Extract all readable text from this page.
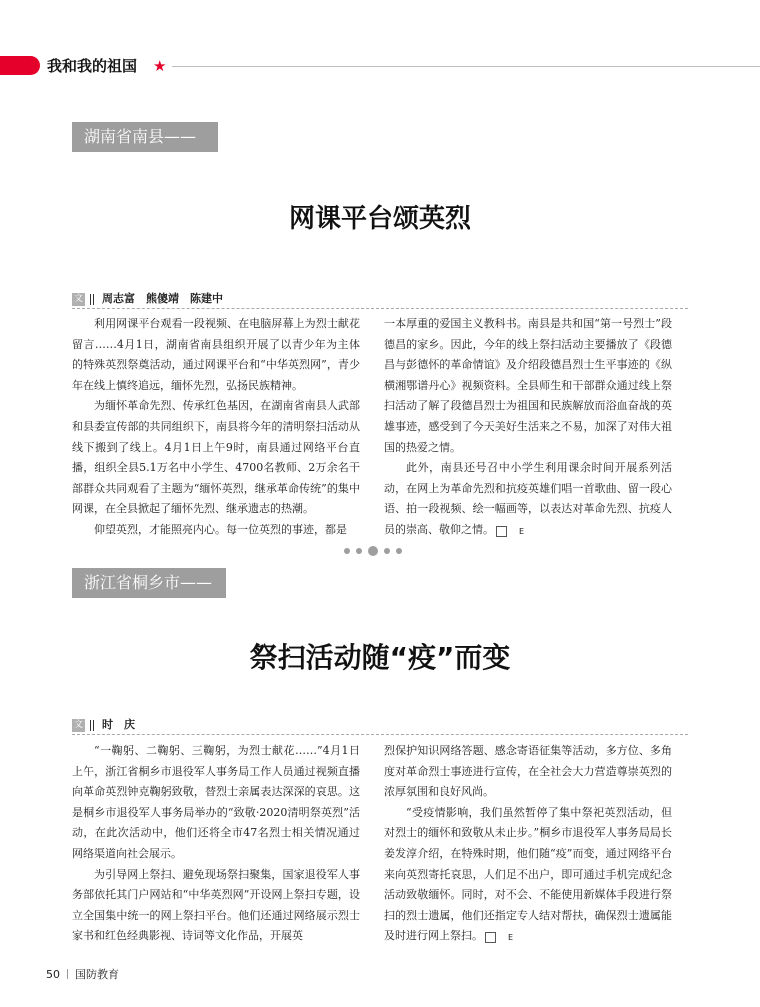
我和我的祖国 ★
湖南省南县——
网课平台颂英烈
文 周志富　熊傻靖　陈建中

利用网课平台观看一段视频、在电脑屏幕上为烈士献花留言……4月1日，湖南省南县组织开展了以青少年为主体的特殊英烈祭奠活动，通过网课平台和“中华英烈网”，青少年在线上慎终追远，缅怀先烈，弘扬民族精神。

为缅怀革命先烈、传承红色基因，在湖南省南县人武部和县委宣传部的共同组织下，南县将今年的清明祭扫活动从线下搬到了线上。4月1日上午9时，南县通过网络平台直播，组织全县5.1万名中小学生、4700名教师、2万余名干部群众共同观看了主题为“缅怀英烈，继承革命传统”的集中网课，在全县掀起了缅怀先烈、继承遗志的热潮。

仰望英烈，才能照亮内心。每一位英烈的事迹，都是

一本厚重的爱国主义教科书。南县是共和国“第一号烈士”段德昌的家乡。因此，今年的线上祭扫活动主要播放了《段德昌与彭德怀的革命情谊》及介绍段德昌烈士生平事迹的《纵横湘鄂谱丹心》视频资料。全县师生和干部群众通过线上祭扫活动了解了段德昌烈士为祖国和民族解放而浴血奋战的英雄事迹，感受到了今天美好生活来之不易，加深了对伟大祖国的热爱之情。

此外，南县还号召中小学生利用课余时间开展系列活动，在网上为革命先烈和抗疫英雄们唱一首歌曲、留一段心语、拍一段视频、绘一幅画等，以表达对革命先烈、抗疫人员的崇高、敬仰之情。	E

浙江省桐乡市——
祭扫活动随“疫”而变
文 时　庆

“一鞠躬、二鞠躬、三鞠躬，为烈士献花……”4月1日上午，浙江省桐乡市退役军人事务局工作人员通过视频直播向革命英烈钟克鞠躬致敬，替烈士亲属表达深深的哀思。这是桐乡市退役军人事务局举办的“致敬·2020清明祭英烈”活动，在此次活动中，他们还将全市47名烈士相关情况通过网络渠道向社会展示。

为引导网上祭扫、避免现场祭扫聚集，国家退役军人事务部依托其门户网站和“中华英烈网”开设网上祭扫专题，设立全国集中统一的网上祭扫平台。他们还通过网络展示烈士家书和红色经典影视、诗词等文化作品，开展英

烈保护知识网络答题、感念寄语征集等活动，多方位、多角度对革命烈士事迹进行宣传，在全社会大力营造尊崇英烈的浓厚氛围和良好风尚。

“受疫情影响，我们虽然暂停了集中祭祀英烈活动，但对烈士的缅怀和致敬从未止步。”桐乡市退役军人事务局局长姜发淳介绍，在特殊时期，他们随“疫”而变，通过网络平台来向英烈寄托哀思，人们足不出户，即可通过手机完成纪念活动致敬缅怀。同时，对不会、不能使用新媒体手段进行祭扫的烈士遗属，他们还指定专人结对帮扶，确保烈士遗属能及时进行网上祭扫。	E

50 国防教育
